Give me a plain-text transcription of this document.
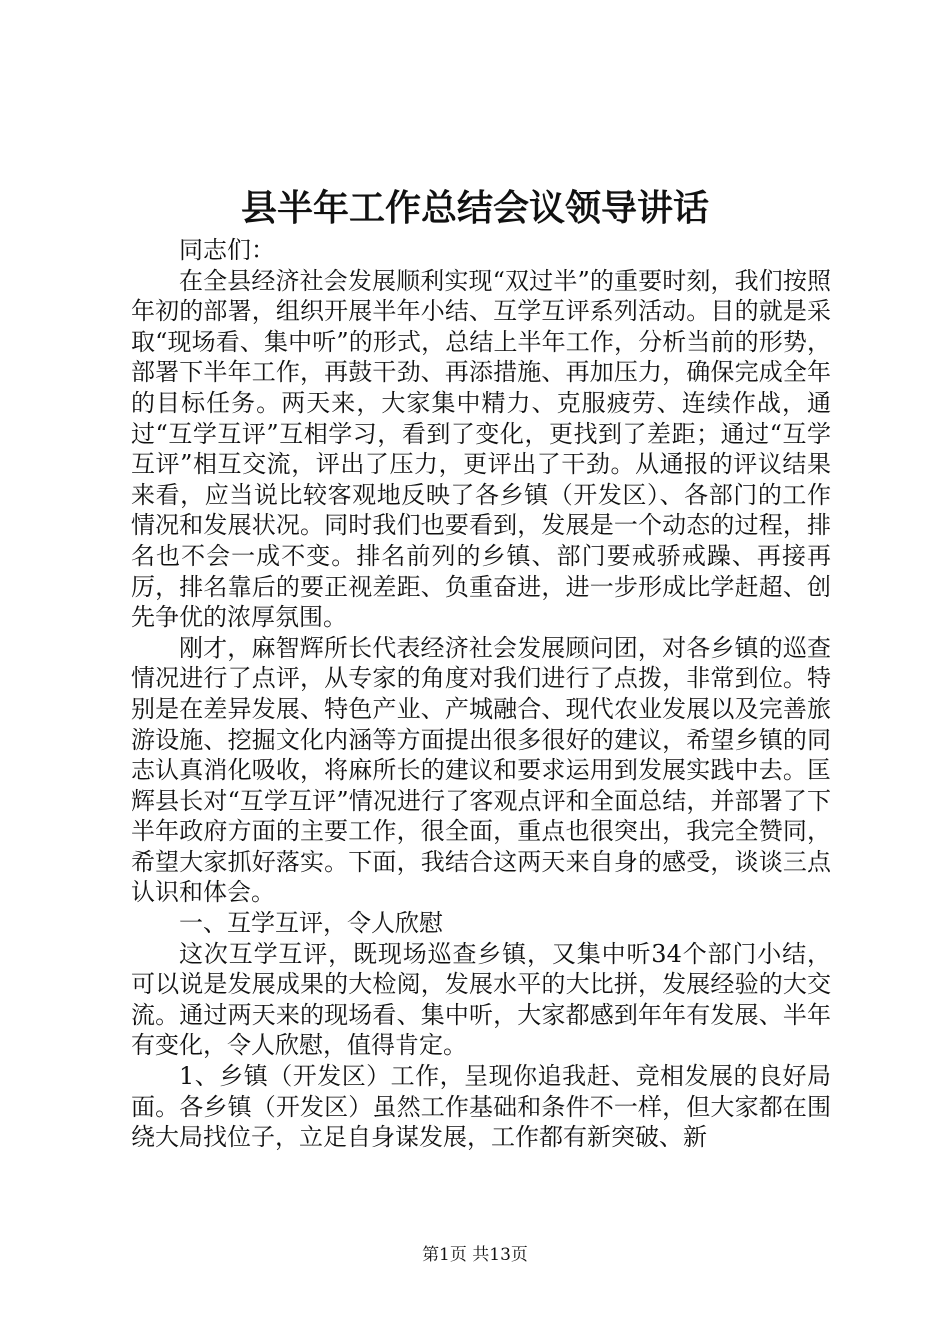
县半年工作总结会议领导讲话

同志们：

在全县经济社会发展顺利实现“双过半”的重要时刻，我们按照年初的部署，组织开展半年小结、互学互评系列活动。目的就是采取“现场看、集中听”的形式，总结上半年工作，分析当前的形势，部署下半年工作，再鼓干劲、再添措施、再加压力，确保完成全年的目标任务。两天来，大家集中精力、克服疲劳、连续作战，通过“互学互评”互相学习，看到了变化，更找到了差距；通过“互学互评”相互交流，评出了压力，更评出了干劲。从通报的评议结果来看，应当说比较客观地反映了各乡镇（开发区）、各部门的工作情况和发展状况。同时我们也要看到，发展是一个动态的过程，排名也不会一成不变。排名前列的乡镇、部门要戒骄戒躁、再接再厉，排名靠后的要正视差距、负重奋进，进一步形成比学赶超、创先争优的浓厚氛围。

刚才，麻智辉所长代表经济社会发展顾问团，对各乡镇的巡查情况进行了点评，从专家的角度对我们进行了点拨，非常到位。特别是在差异发展、特色产业、产城融合、现代农业发展以及完善旅游设施、挖掘文化内涵等方面提出很多很好的建议，希望乡镇的同志认真消化吸收，将麻所长的建议和要求运用到发展实践中去。匡辉县长对“互学互评”情况进行了客观点评和全面总结，并部署了下半年政府方面的主要工作，很全面，重点也很突出，我完全赞同，希望大家抓好落实。下面，我结合这两天来自身的感受，谈谈三点认识和体会。

一、互学互评，令人欣慰

这次互学互评，既现场巡查乡镇，又集中听34个部门小结，可以说是发展成果的大检阅，发展水平的大比拼，发展经验的大交流。通过两天来的现场看、集中听，大家都感到年年有发展、半年有变化，令人欣慰，值得肯定。

1、乡镇（开发区）工作，呈现你追我赶、竞相发展的良好局面。各乡镇（开发区）虽然工作基础和条件不一样，但大家都在围绕大局找位子，立足自身谋发展，工作都有新突破、新

第1页 共13页
